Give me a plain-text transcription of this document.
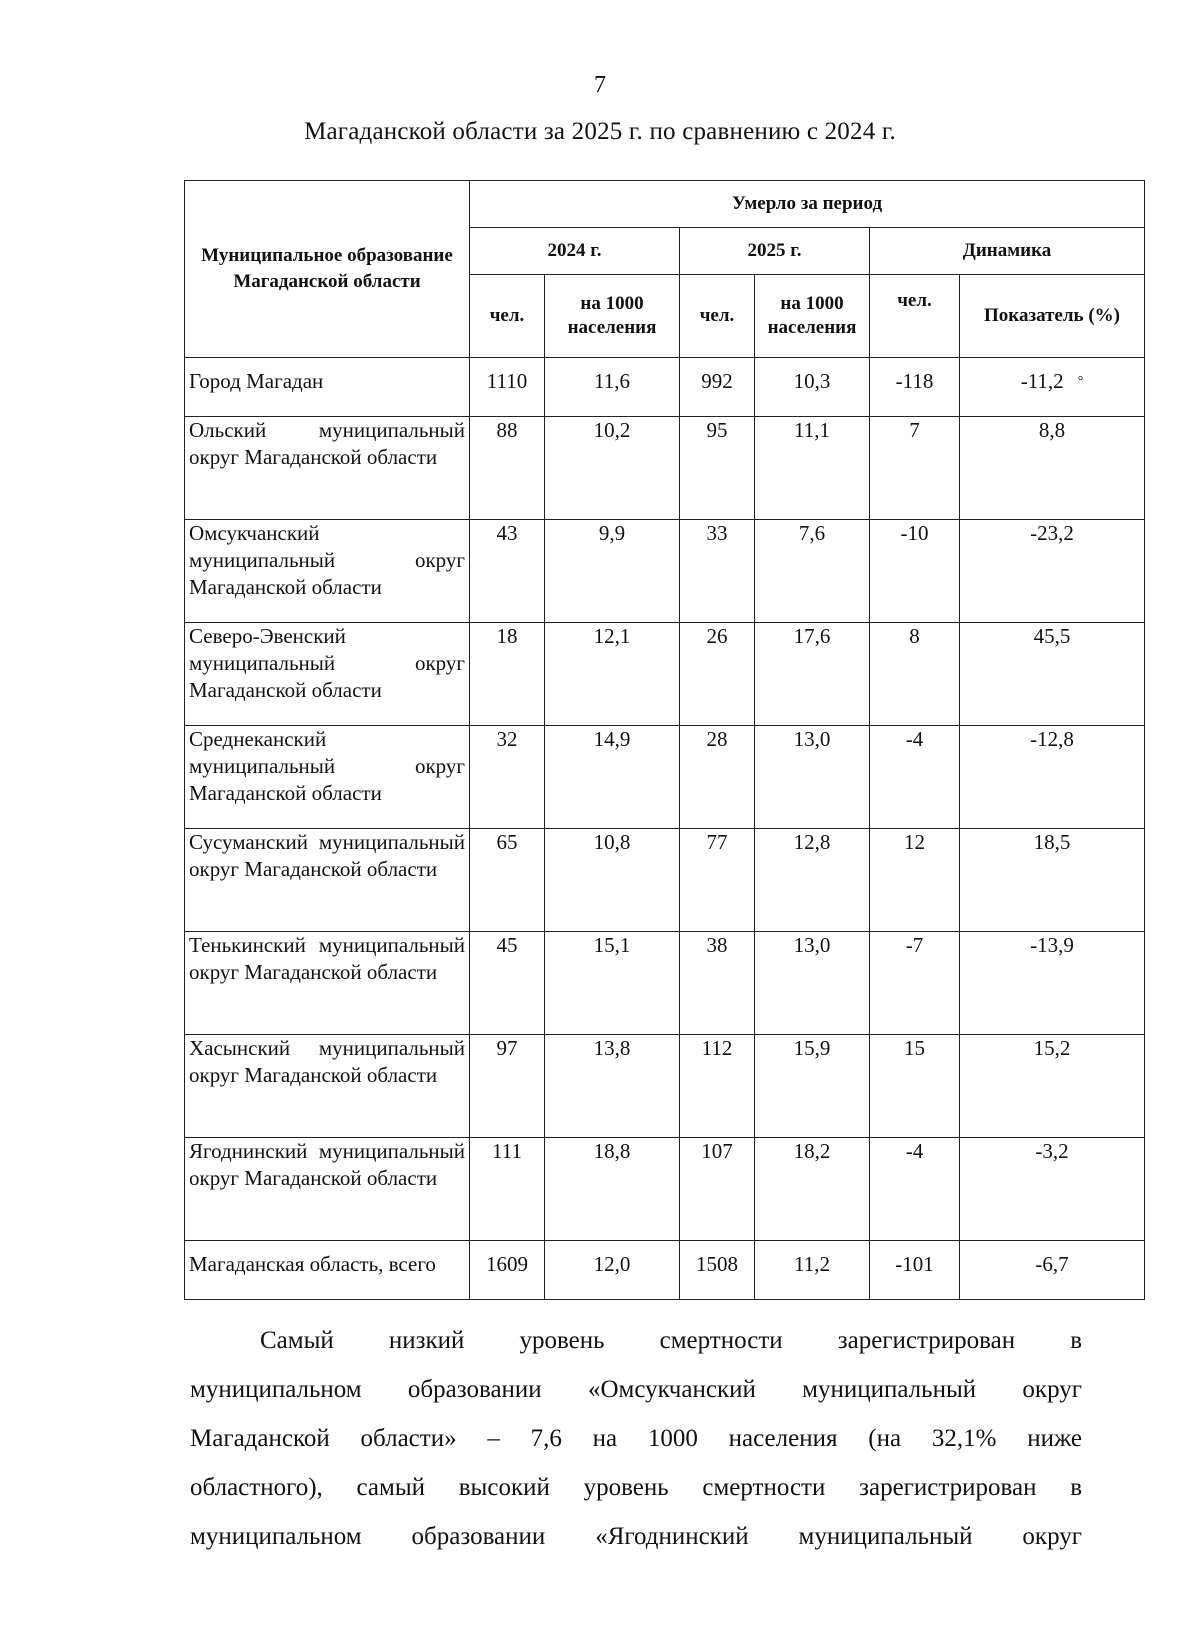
7
Магаданской области за 2025 г. по сравнению с 2024 г.
Муниципальное образование Магаданской области	Умерло за период					
	2024 г.		2025 г.		Динамика	
	чел.	на 1000 населения	чел.	на 1000 населения	чел.	Показатель (%)
Город Магадан	1110	11,6	992	10,3	-118	-11,2 °
Ольский муниципальный округ Магаданской области	88	10,2	95	11,1	7	8,8
Омсукчанский муниципальный округ Магаданской области	43	9,9	33	7,6	-10	-23,2
Северо-Эвенский муниципальный округ Магаданской области	18	12,1	26	17,6	8	45,5
Среднеканский муниципальный округ Магаданской области	32	14,9	28	13,0	-4	-12,8
Сусуманский муниципальный округ Магаданской области	65	10,8	77	12,8	12	18,5
Тенькинский муниципальный округ Магаданской области	45	15,1	38	13,0	-7	-13,9
Хасынский муниципальный округ Магаданской области	97	13,8	112	15,9	15	15,2
Ягоднинский муниципальный округ Магаданской области	111	18,8	107	18,2	-4	-3,2
Магаданская область, всего	1609	12,0	1508	11,2	-101	-6,7
Самый низкий уровень смертности зарегистрирован в
муниципальном образовании «Омсукчанский муниципальный округ
Магаданской области» – 7,6 на 1000 населения (на 32,1% ниже
областного), самый высокий уровень смертности зарегистрирован в
муниципальном образовании «Ягоднинский муниципальный округ
